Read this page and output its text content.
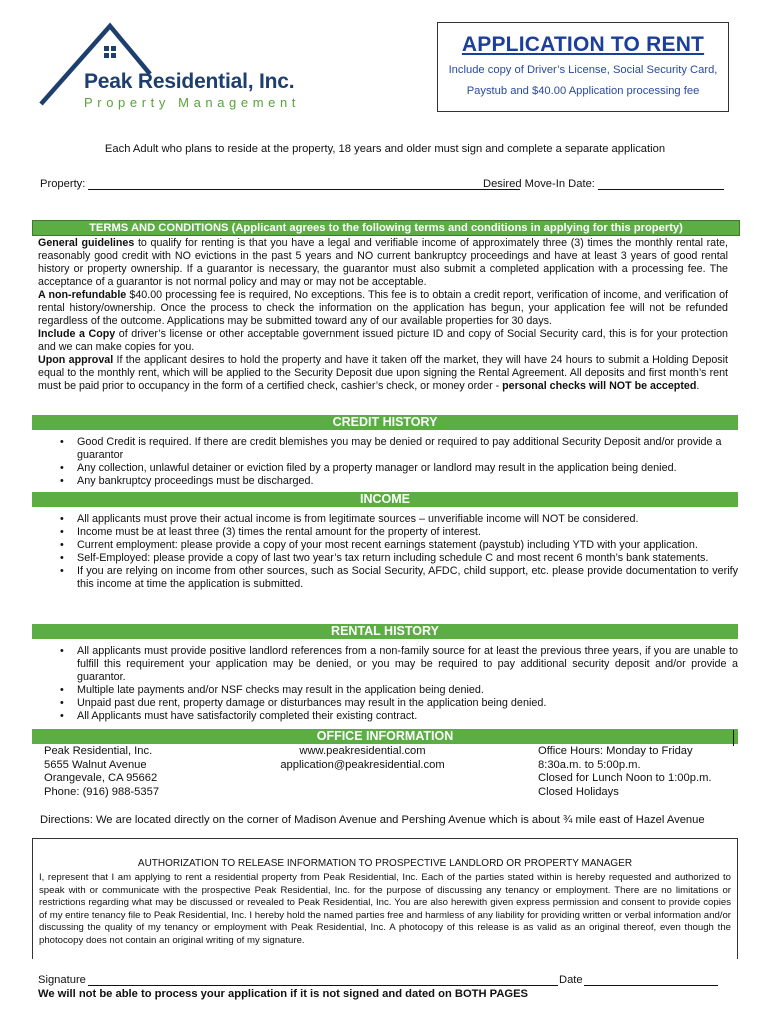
Peak Residential, Inc.
Property Management
APPLICATION TO RENT
Include copy of Driver’s License, Social Security Card,
Paystub and $40.00 Application processing fee
Each Adult who plans to reside at the property, 18 years and older must sign and complete a separate application
Property:	Desired Move-In Date:
TERMS AND CONDITIONS (Applicant agrees to the following terms and conditions in applying for this property)

General guidelines to qualify for renting is that you have a legal and verifiable income of approximately three (3) times the monthly rental rate, reasonably good credit with NO evictions in the past 5 years and NO current bankruptcy proceedings and have at least 3 years of good rental history or property ownership. If a guarantor is necessary, the guarantor must also submit a completed application with a processing fee. The acceptance of a guarantor is not normal policy and may or may not be acceptable.

A non-refundable $40.00 processing fee is required, No exceptions. This fee is to obtain a credit report, verification of income, and verification of rental history/ownership. Once the process to check the information on the application has begun, your application fee will not be refunded regardless of the outcome. Applications may be submitted toward any of our available properties for 30 days.

Include a Copy of driver’s license or other acceptable government issued picture ID and copy of Social Security card, this is for your protection and we can make copies for you.

Upon approval If the applicant desires to hold the property and have it taken off the market, they will have 24 hours to submit a Holding Deposit equal to the monthly rent, which will be applied to the Security Deposit due upon signing the Rental Agreement. All deposits and first month’s rent must be paid prior to occupancy in the form of a certified check, cashier’s check, or money order - personal checks will NOT be accepted.

CREDIT HISTORY
• Good Credit is required. If there are credit blemishes you may be denied or required to pay additional Security Deposit and/or provide a guarantor
• Any collection, unlawful detainer or eviction filed by a property manager or landlord may result in the application being denied.
• Any bankruptcy proceedings must be discharged.
INCOME
• All applicants must prove their actual income is from legitimate sources – unverifiable income will NOT be considered.
• Income must be at least three (3) times the rental amount for the property of interest.
• Current employment: please provide a copy of your most recent earnings statement (paystub) including YTD with your application.
• Self-Employed: please provide a copy of last two year’s tax return including schedule C and most recent 6 month’s bank statements.
• If you are relying on income from other sources, such as Social Security, AFDC, child support, etc. please provide documentation to verify this income at time the application is submitted.
RENTAL HISTORY
• All applicants must provide positive landlord references from a non-family source for at least the previous three years, if you are unable to fulfill this requirement your application may be denied, or you may be required to pay additional security deposit and/or provide a guarantor.
• Multiple late payments and/or NSF checks may result in the application being denied.
• Unpaid past due rent, property damage or disturbances may result in the application being denied.
• All Applicants must have satisfactorily completed their existing contract.
OFFICE INFORMATION
Peak Residential, Inc.
5655 Walnut Avenue
Orangevale, CA 95662
Phone: (916) 988-5357
www.peakresidential.com
application@peakresidential.com
Office Hours: Monday to Friday
8:30a.m. to 5:00p.m.
Closed for Lunch Noon to 1:00p.m.
Closed Holidays
Directions: We are located directly on the corner of Madison Avenue and Pershing Avenue which is about ¾ mile east of Hazel Avenue
AUTHORIZATION TO RELEASE INFORMATION TO PROSPECTIVE LANDLORD OR PROPERTY MANAGER
I, represent that I am applying to rent a residential property from Peak Residential, Inc. Each of the parties stated within is hereby requested and authorized to speak with or communicate with the prospective Peak Residential, Inc. for the purpose of discussing any tenancy or employment. There are no limitations or restrictions regarding what may be discussed or revealed to Peak Residential, Inc. You are also herewith given express permission and consent to provide copies of my entire tenancy file to Peak Residential, Inc. I hereby hold the named parties free and harmless of any liability for providing written or verbal information and/or discussing the quality of my tenancy or employment with Peak Residential, Inc. A photocopy of this release is as valid as an original thereof, even though the photocopy does not contain an original writing of my signature.
Signature	Date
We will not be able to process your application if it is not signed and dated on BOTH PAGES
